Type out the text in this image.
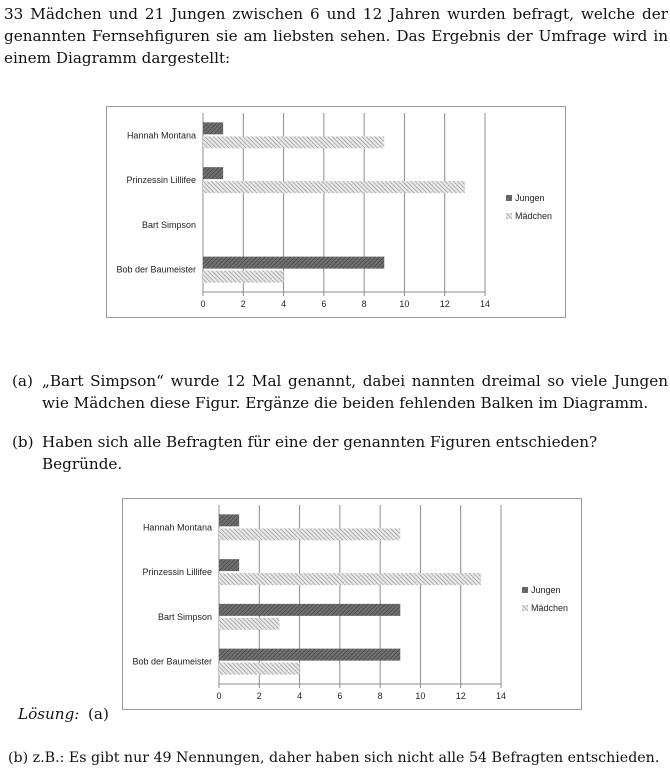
33 Mädchen und 21 Jungen zwischen 6 und 12 Jahren wurden befragt, welche der genannten Fernsehfiguren sie am liebsten sehen. Das Ergebnis der Umfrage wird in einem Diagramm dargestellt:

0	2	4	6	8	10	12	14
Hannah Montana
Prinzessin Lillifee
Bart Simpson
Bob der Baumeister
Jungen
Mädchen
(a) „Bart Simpson“ wurde 12 Mal genannt, dabei nannten dreimal so viele Jungen wie Mädchen diese Figur. Ergänze die beiden fehlenden Balken im Diagramm.
(b) Haben sich alle Befragten für eine der genannten Figuren entschieden? Begründe.
0	2	4	6	8	10	12	14
Hannah Montana
Prinzessin Lillifee
Bart Simpson
Bob der Baumeister
Jungen
Mädchen

Lösung: (a)

(b) z.B.: Es gibt nur 49 Nennungen, daher haben sich nicht alle 54 Befragten entschieden.
